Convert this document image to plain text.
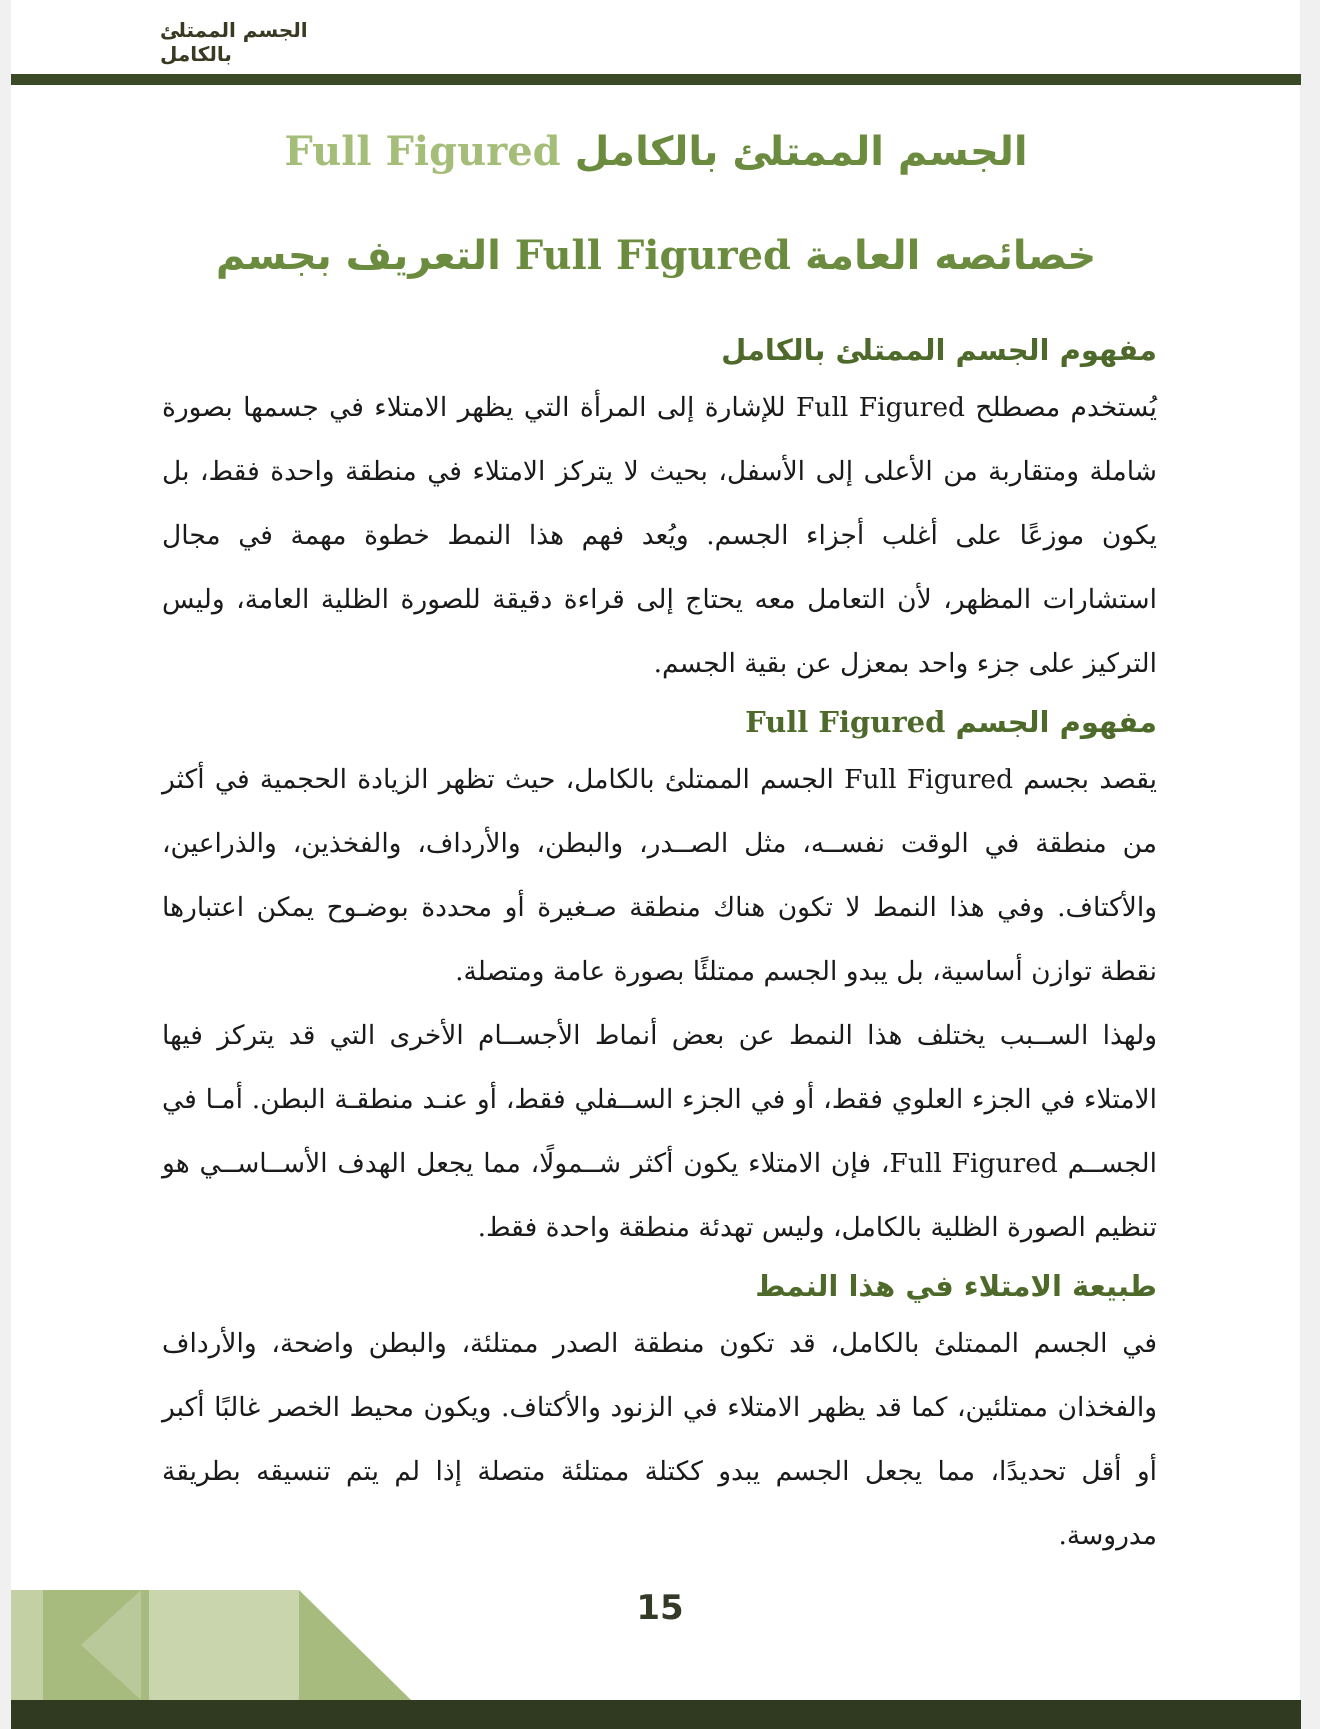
الجسم الممتلئ بالكامل
الجسم الممتلئ بالكامل Full Figured
خصائصه العامة Full Figured التعريف بجسم
مفهوم الجسم الممتلئ بالكامل

يُستخدم مصطلح Full Figured للإشارة إلى المرأة التي يظهر الامتلاء في جسمها بصورة شاملة ومتقاربة من الأعلى إلى الأسفل، بحيث لا يتركز الامتلاء في منطقة واحدة فقط، بل يكون موزعًا على أغلب أجزاء الجسم. ويُعد فهم هذا النمط خطوة مهمة في مجال استشارات المظهر، لأن التعامل معه يحتاج إلى قراءة دقيقة للصورة الظلية العامة، وليس التركيز على جزء واحد بمعزل عن بقية الجسم.

مفهوم الجسم Full Figured

يقصد بجسم Full Figured الجسم الممتلئ بالكامل، حيث تظهر الزيادة الحجمية في أكثر من منطقة في الوقت نفســه، مثل الصــدر، والبطن، والأرداف، والفخذين، والذراعين، والأكتاف. وفي هذا النمط لا تكون هناك منطقة صـغيرة أو محددة بوضـوح يمكن اعتبارها نقطة توازن أساسية، بل يبدو الجسم ممتلئًا بصورة عامة ومتصلة.

ولهذا الســبب يختلف هذا النمط عن بعض أنماط الأجســام الأخرى التي قد يتركز فيها الامتلاء في الجزء العلوي فقط، أو في الجزء الســفلي فقط، أو عنـد منطقـة البطن. أمـا في الجســم Full Figured، فإن الامتلاء يكون أكثر شــمولًا، مما يجعل الهدف الأســاســي هو تنظيم الصورة الظلية بالكامل، وليس تهدئة منطقة واحدة فقط.

طبيعة الامتلاء في هذا النمط

في الجسم الممتلئ بالكامل، قد تكون منطقة الصدر ممتلئة، والبطن واضحة، والأرداف والفخذان ممتلئين، كما قد يظهر الامتلاء في الزنود والأكتاف. ويكون محيط الخصر غالبًا أكبر أو أقل تحديدًا، مما يجعل الجسم يبدو ككتلة ممتلئة متصلة إذا لم يتم تنسيقه بطريقة مدروسة.

15
